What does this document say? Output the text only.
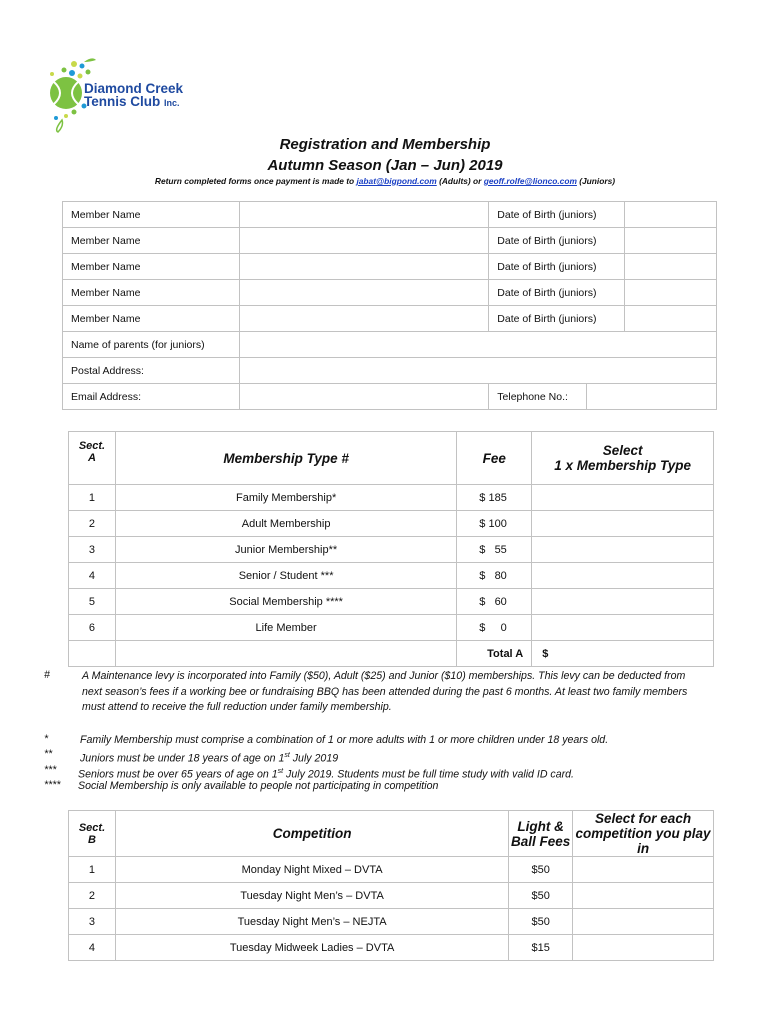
Diamond Creek
Tennis Club Inc.
Registration and Membership
Autumn Season (Jan – Jun) 2019
Return completed forms once payment is made to jabat@bigpond.com (Adults) or geoff.rolfe@lionco.com (Juniors)
Member Name		Date of Birth (juniors)		
Member Name		Date of Birth (juniors)		
Member Name		Date of Birth (juniors)		
Member Name		Date of Birth (juniors)		
Member Name		Date of Birth (juniors)		
Name of parents (for juniors)				
Postal Address:				
Email Address:		Telephone No.:		
Sect.
A	Membership Type #	Fee	Select
1 x Membership Type
1	Family Membership*	$ 185	
2	Adult Membership	$ 100	
3	Junior Membership**	$   55	
4	Senior / Student ***	$   80	
5	Social Membership ****	$   60	
6	Life Member	$     0	
		Total A	$
#	A Maintenance levy is incorporated into Family ($50), Adult ($25) and Junior ($10) memberships. This levy can be deducted from next season’s fees if a working bee or fundraising BBQ has been attended during the past 6 months. At least two family members must attend to receive the full reduction under family membership.
*	Family Membership must comprise a combination of 1 or more adults with 1 or more children under 18 years old.
**	Juniors must be under 18 years of age on 1st July 2019
*** Seniors must be over 65 years of age on 1st July 2019. Students must be full time study with valid ID card.
**** Social Membership is only available to people not participating in competition
Sect.
B	Competition	Light &
Ball Fees	Select for each
competition you play in
1	Monday Night Mixed – DVTA	$50	
2	Tuesday Night Men’s – DVTA	$50	
3	Tuesday Night Men’s – NEJTA	$50	
4	Tuesday Midweek Ladies – DVTA	$15	
